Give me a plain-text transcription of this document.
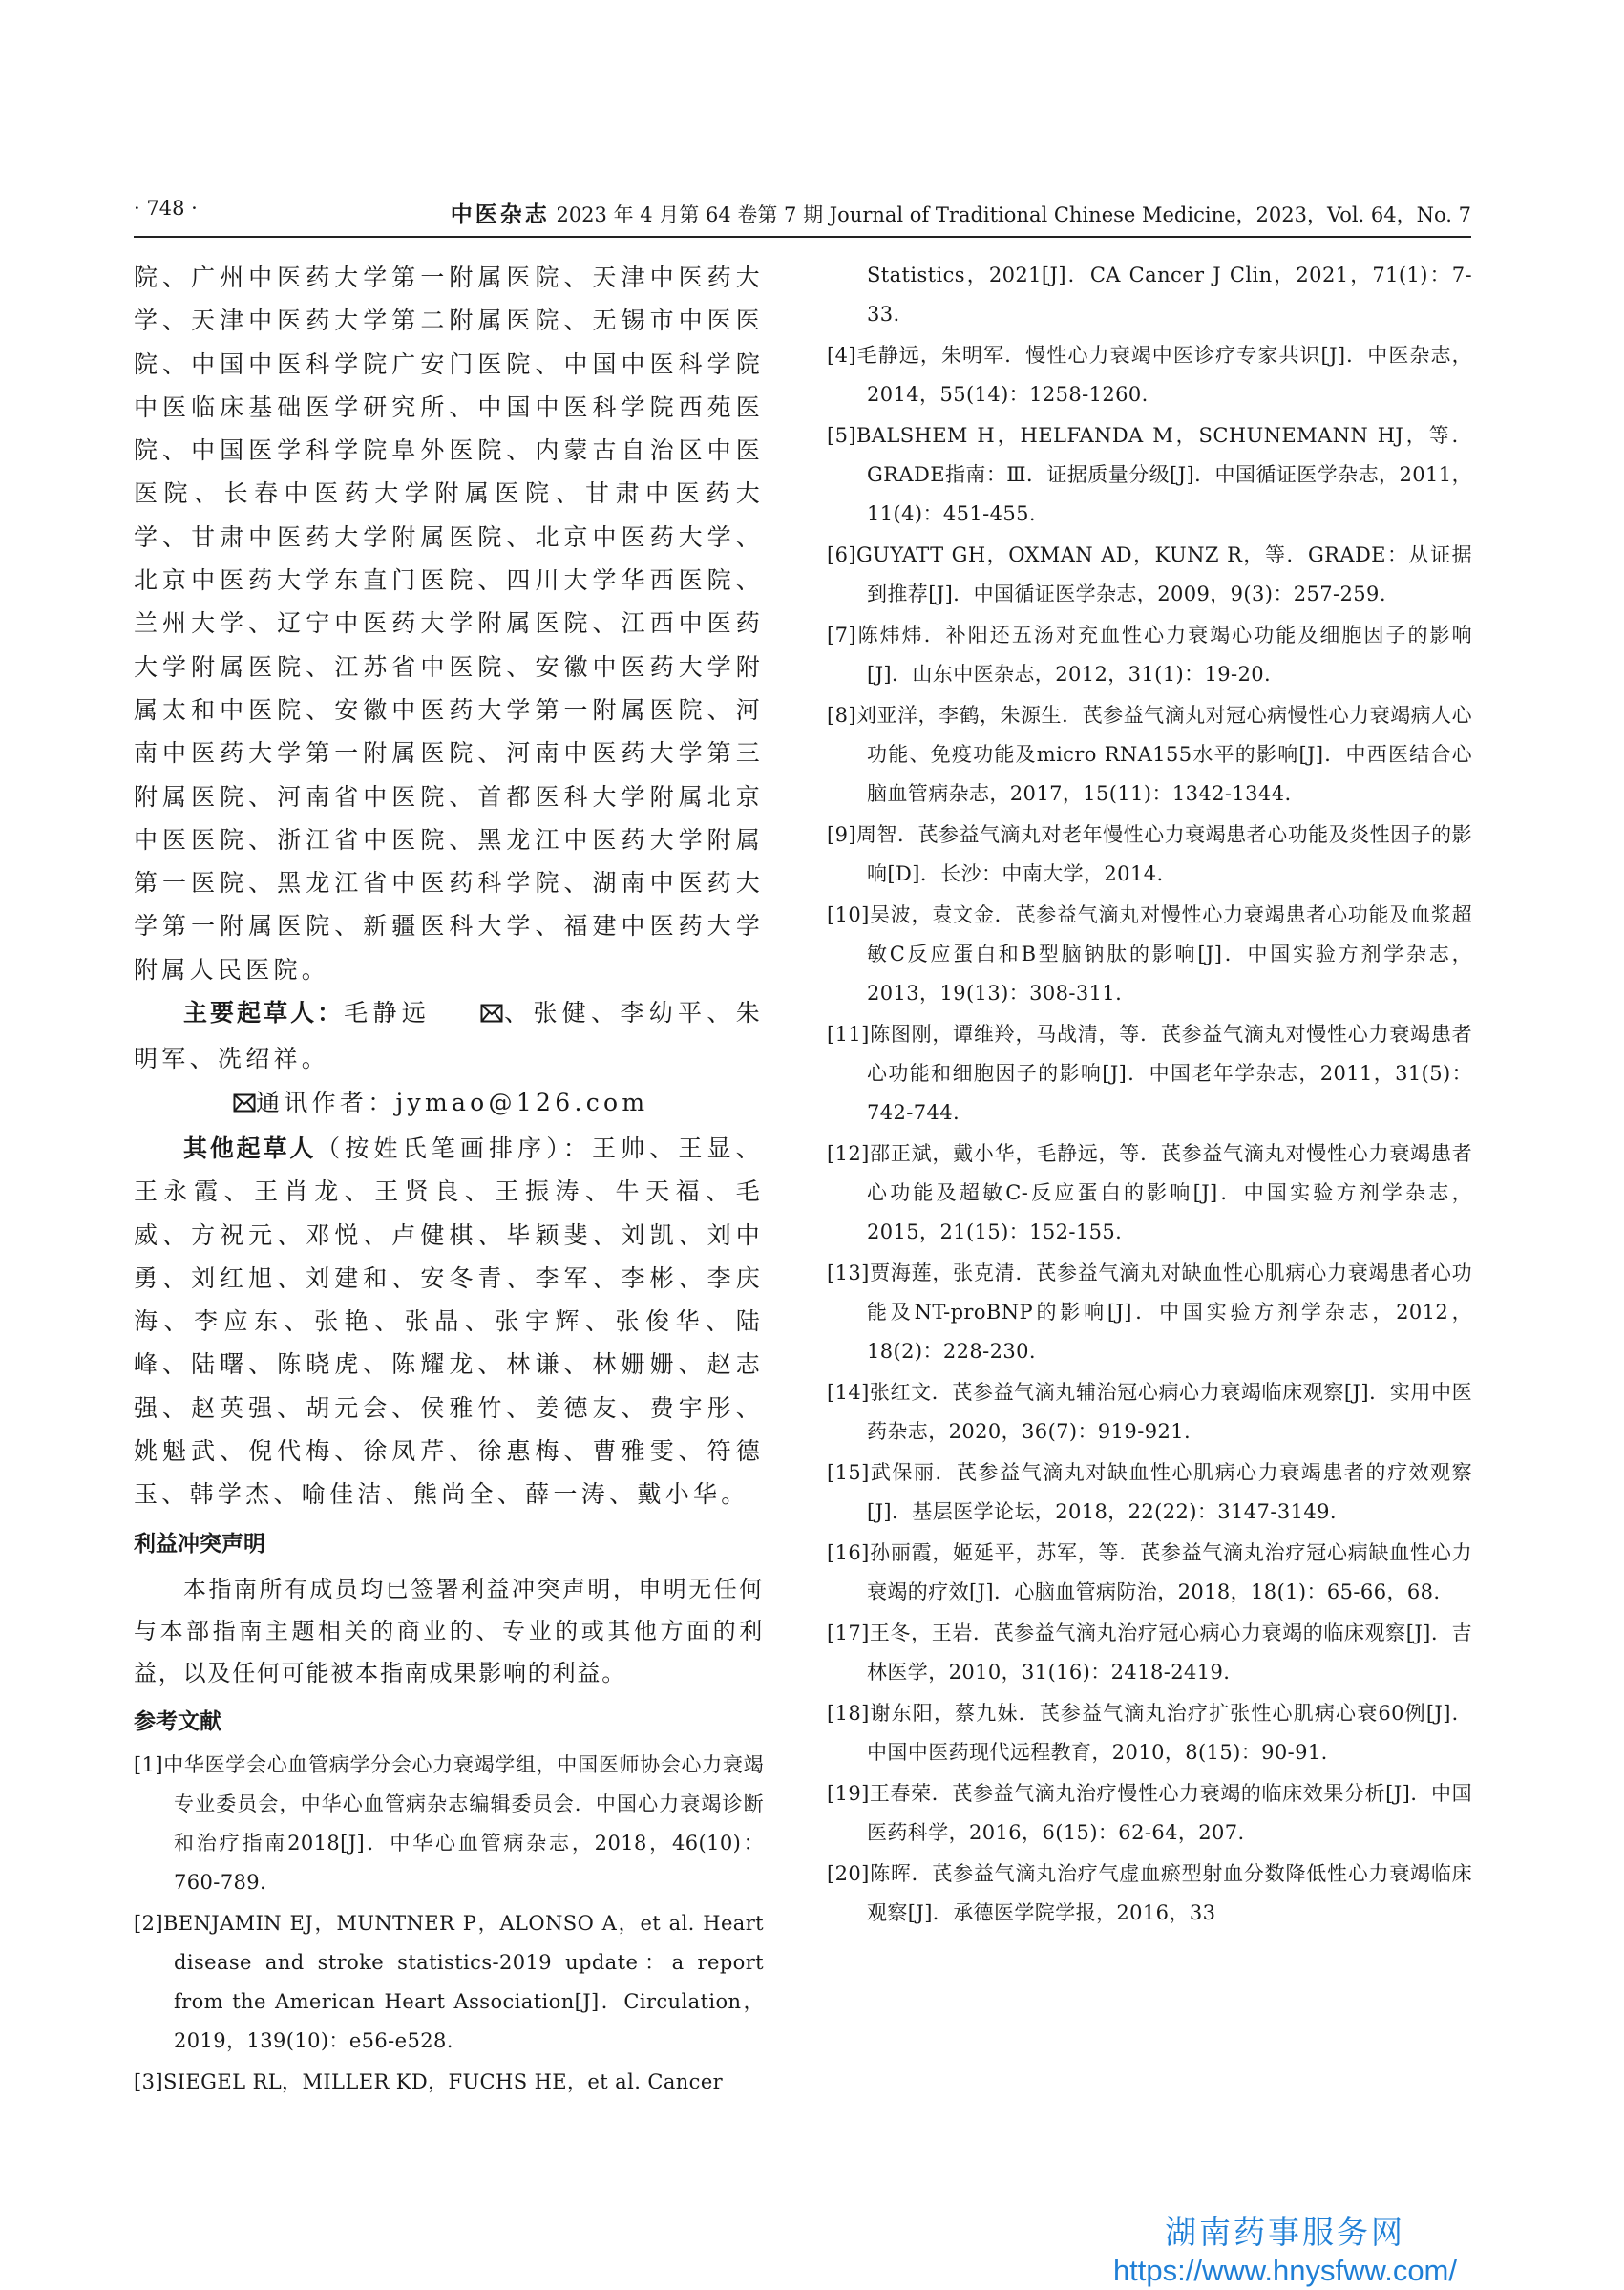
· 748 ·	中医杂志 2023 年 4 月第 64 卷第 7 期 Journal of Traditional Chinese Medicine，2023，Vol. 64，No. 7

院、广州中医药大学第一附属医院、天津中医药大学、天津中医药大学第二附属医院、无锡市中医医院、中国中医科学院广安门医院、中国中医科学院中医临床基础医学研究所、中国中医科学院西苑医院、中国医学科学院阜外医院、内蒙古自治区中医医院、长春中医药大学附属医院、甘肃中医药大学、甘肃中医药大学附属医院、北京中医药大学、北京中医药大学东直门医院、四川大学华西医院、兰州大学、辽宁中医药大学附属医院、江西中医药大学附属医院、江苏省中医院、安徽中医药大学附属太和中医院、安徽中医药大学第一附属医院、河南中医药大学第一附属医院、河南中医药大学第三附属医院、河南省中医院、首都医科大学附属北京中医医院、浙江省中医院、黑龙江中医药大学附属第一医院、黑龙江省中医药科学院、湖南中医药大学第一附属医院、新疆医科大学、福建中医药大学附属人民医院。

主要起草人：毛静远	、张健、李幼平、朱明军、冼绍祥。

通讯作者：jymao@126.com

其他起草人（按姓氏笔画排序）：王帅、王显、王永霞、王肖龙、王贤良、王振涛、牛天福、毛威、方祝元、邓悦、卢健棋、毕颖斐、刘凯、刘中勇、刘红旭、刘建和、安冬青、李军、李彬、李庆海、李应东、张艳、张晶、张宇辉、张俊华、陆峰、陆曙、陈晓虎、陈耀龙、林谦、林姗姗、赵志强、赵英强、胡元会、侯雅竹、姜德友、费宇彤、姚魁武、倪代梅、徐凤芹、徐惠梅、曹雅雯、符德玉、韩学杰、喻佳洁、熊尚全、薛一涛、戴小华。

利益冲突声明

本指南所有成员均已签署利益冲突声明，申明无任何与本部指南主题相关的商业的、专业的或其他方面的利益，以及任何可能被本指南成果影响的利益。

参考文献

[1]中华医学会心血管病学分会心力衰竭学组，中国医师协会心力衰竭专业委员会，中华心血管病杂志编辑委员会．中国心力衰竭诊断和治疗指南2018[J]．中华心血管病杂志，2018，46(10)：760-789.

[2]BENJAMIN EJ，MUNTNER P，ALONSO A，et al. Heart disease and stroke statistics-2019 update：a report from the American Heart Association[J]．Circulation，2019，139(10)：e56-e528.

[3]SIEGEL RL，MILLER KD，FUCHS HE，et al. Cancer

Statistics，2021[J]．CA Cancer J Clin，2021，71(1)：7-33.

[4]毛静远，朱明军．慢性心力衰竭中医诊疗专家共识[J]．中医杂志，2014，55(14)：1258-1260.

[5]BALSHEM H，HELFANDA M，SCHUNEMANN HJ，等．GRADE指南：Ⅲ．证据质量分级[J]．中国循证医学杂志，2011，11(4)：451-455.

[6]GUYATT GH，OXMAN AD，KUNZ R，等．GRADE：从证据到推荐[J]．中国循证医学杂志，2009，9(3)：257-259.

[7]陈炜炜．补阳还五汤对充血性心力衰竭心功能及细胞因子的影响[J]．山东中医杂志，2012，31(1)：19-20.

[8]刘亚洋，李鹤，朱源生．芪参益气滴丸对冠心病慢性心力衰竭病人心功能、免疫功能及micro RNA155水平的影响[J]．中西医结合心脑血管病杂志，2017，15(11)：1342-1344.

[9]周智．芪参益气滴丸对老年慢性心力衰竭患者心功能及炎性因子的影响[D]．长沙：中南大学，2014.

[10]吴波，袁文金．芪参益气滴丸对慢性心力衰竭患者心功能及血浆超敏C反应蛋白和B型脑钠肽的影响[J]．中国实验方剂学杂志，2013，19(13)：308-311.

[11]陈图刚，谭维羚，马战清，等．芪参益气滴丸对慢性心力衰竭患者心功能和细胞因子的影响[J]．中国老年学杂志，2011，31(5)：742-744.

[12]邵正斌，戴小华，毛静远，等．芪参益气滴丸对慢性心力衰竭患者心功能及超敏C-反应蛋白的影响[J]．中国实验方剂学杂志，2015，21(15)：152-155.

[13]贾海莲，张克清．芪参益气滴丸对缺血性心肌病心力衰竭患者心功能及NT-proBNP的影响[J]．中国实验方剂学杂志，2012，18(2)：228-230.

[14]张红文．芪参益气滴丸辅治冠心病心力衰竭临床观察[J]．实用中医药杂志，2020，36(7)：919-921.

[15]武保丽．芪参益气滴丸对缺血性心肌病心力衰竭患者的疗效观察[J]．基层医学论坛，2018，22(22)：3147-3149.

[16]孙丽霞，姬延平，苏军，等．芪参益气滴丸治疗冠心病缺血性心力衰竭的疗效[J]．心脑血管病防治，2018，18(1)：65-66，68.

[17]王冬，王岩．芪参益气滴丸治疗冠心病心力衰竭的临床观察[J]．吉林医学，2010，31(16)：2418-2419.

[18]谢东阳，蔡九妹．芪参益气滴丸治疗扩张性心肌病心衰60例[J]．中国中医药现代远程教育，2010，8(15)：90-91.

[19]王春荣．芪参益气滴丸治疗慢性心力衰竭的临床效果分析[J]．中国医药科学，2016，6(15)：62-64，207.

[20]陈晖．芪参益气滴丸治疗气虚血瘀型射血分数降低性心力衰竭临床观察[J]．承德医学院学报，2016，33

湖南药事服务网
https://www.hnysfww.com/
